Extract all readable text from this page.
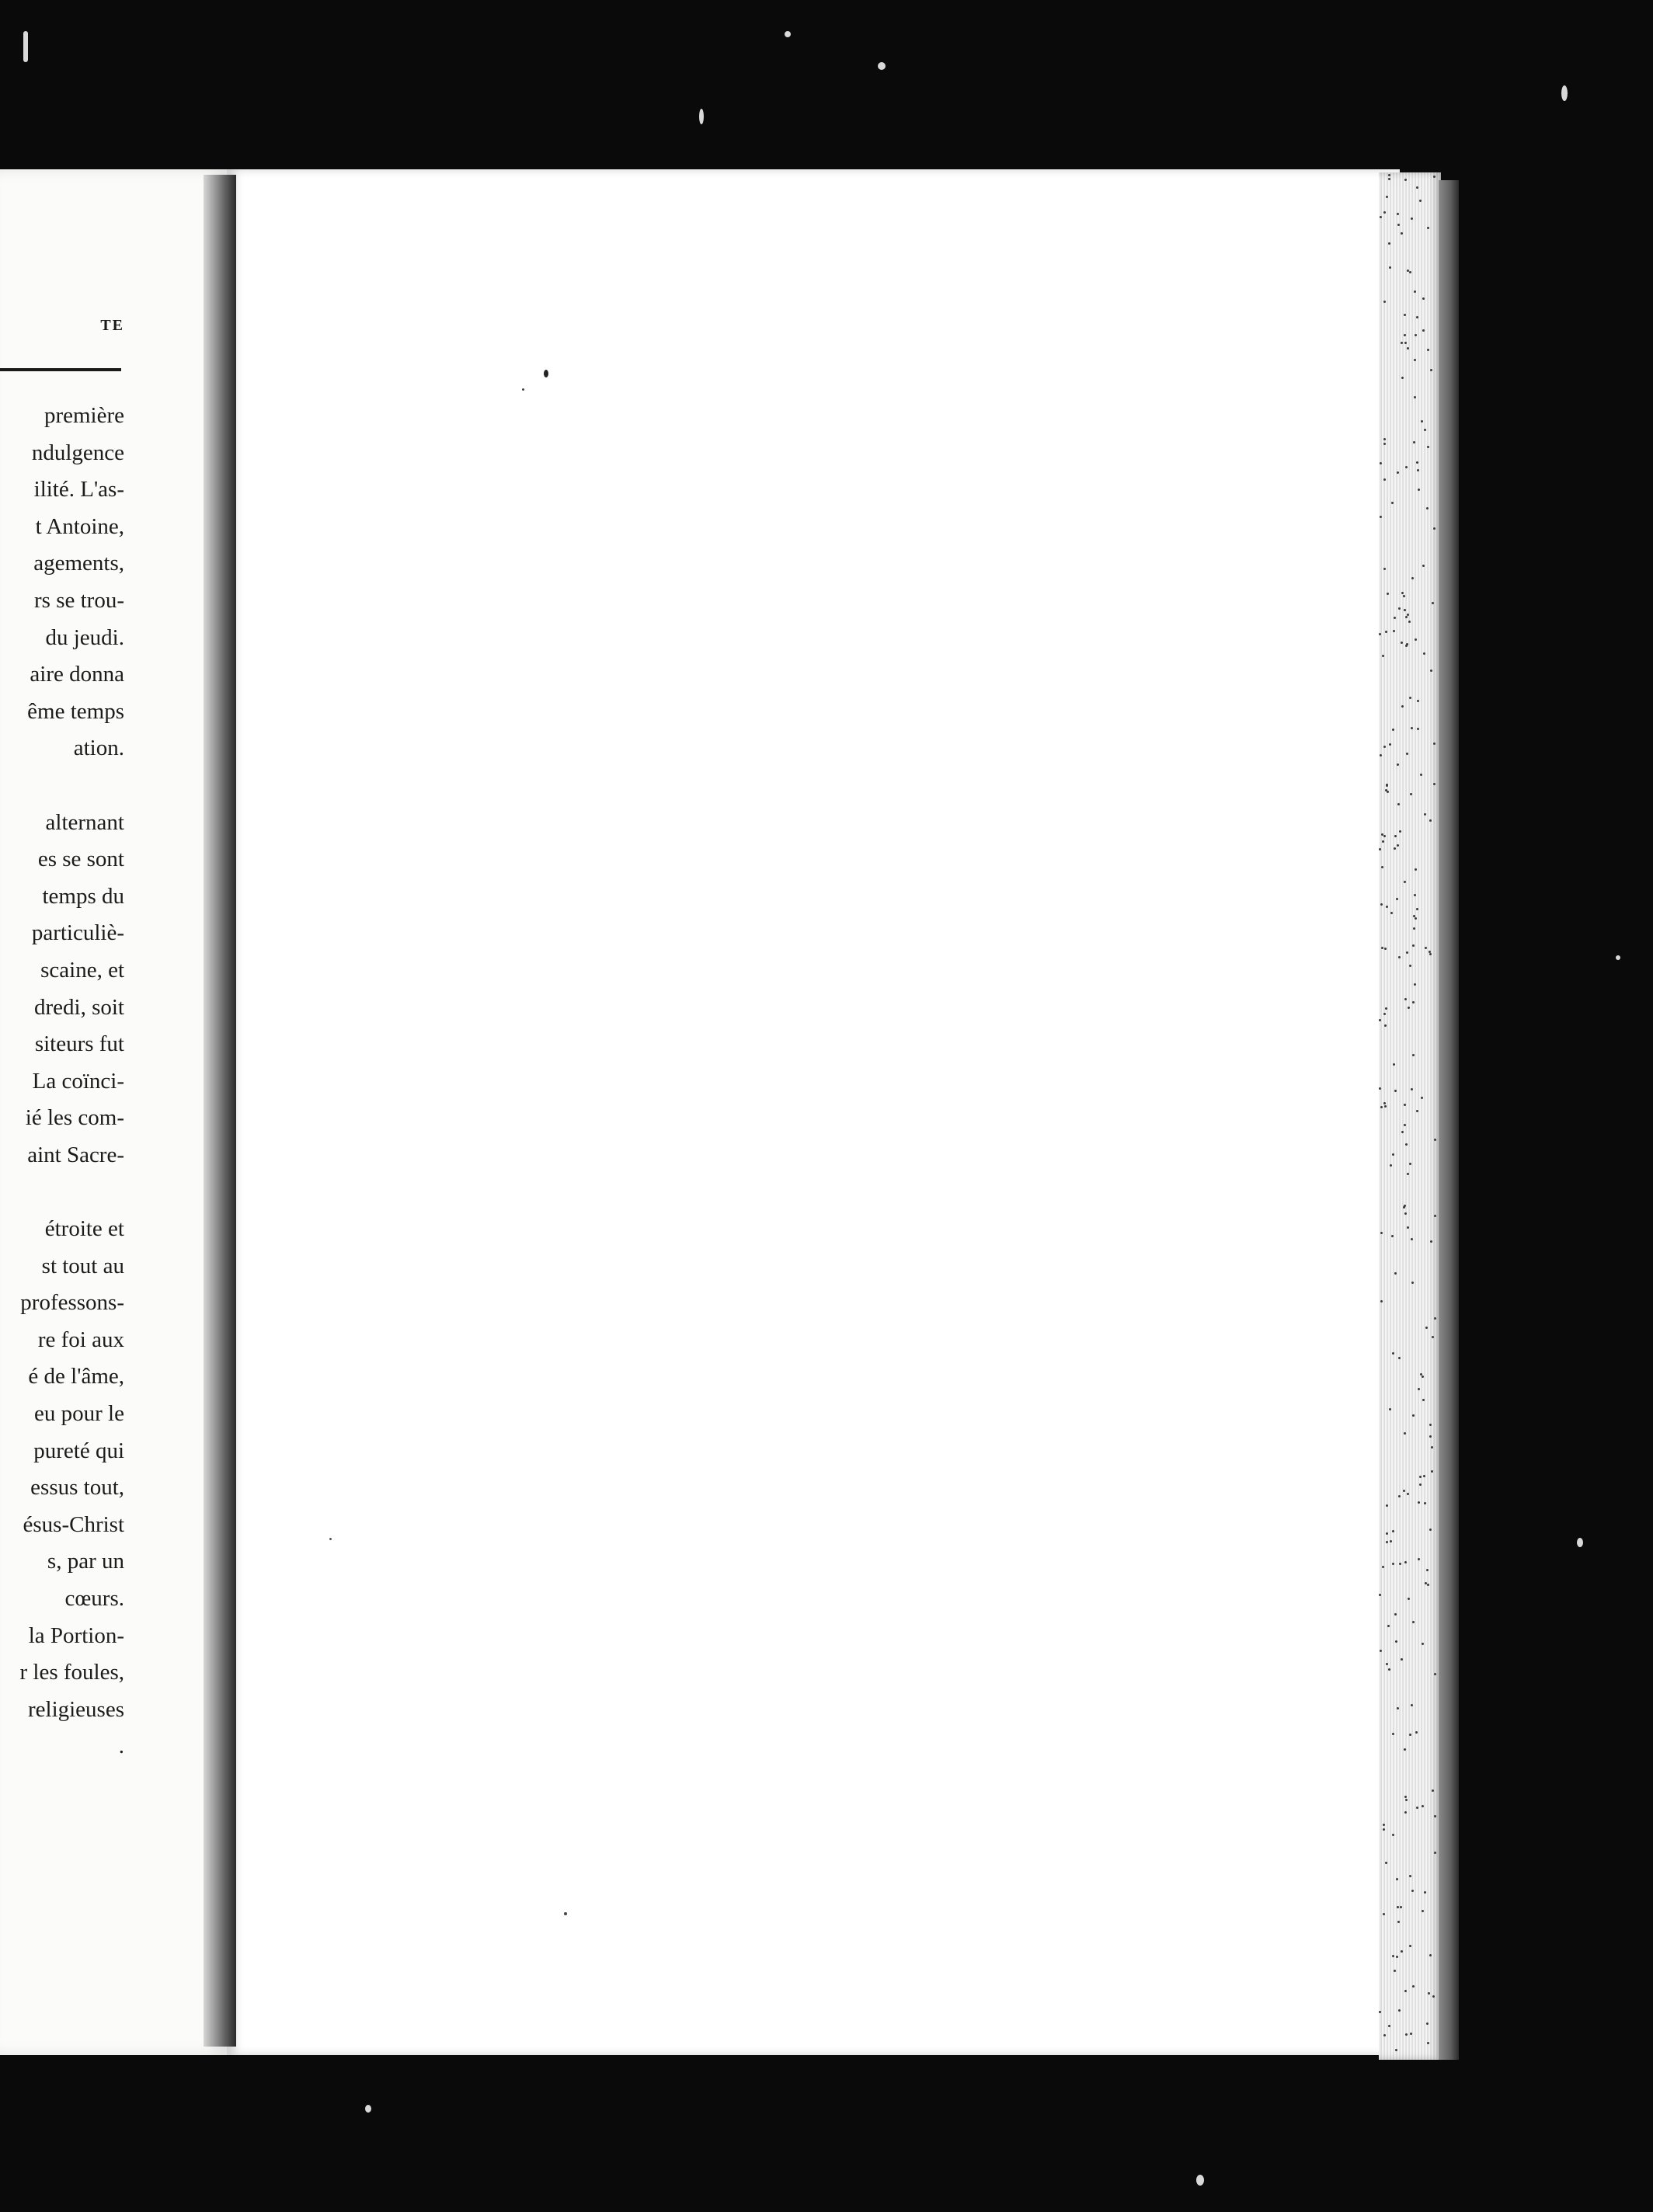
TE
première
ndulgence
ilité. L'as-
t Antoine,
agements,
rs se trou-
du jeudi.
aire donna
ême temps
ation.
alternant
es se sont
temps du
particuliè-
scaine, et
dredi, soit
siteurs fut
La coïnci-
ié les com-
aint Sacre-
étroite et
st tout au
professons-
re foi aux
é de l'âme,
eu pour le
pureté qui
essus tout,
ésus-Christ
s, par un
cœurs.
la Portion-
r les foules,
religieuses
.
